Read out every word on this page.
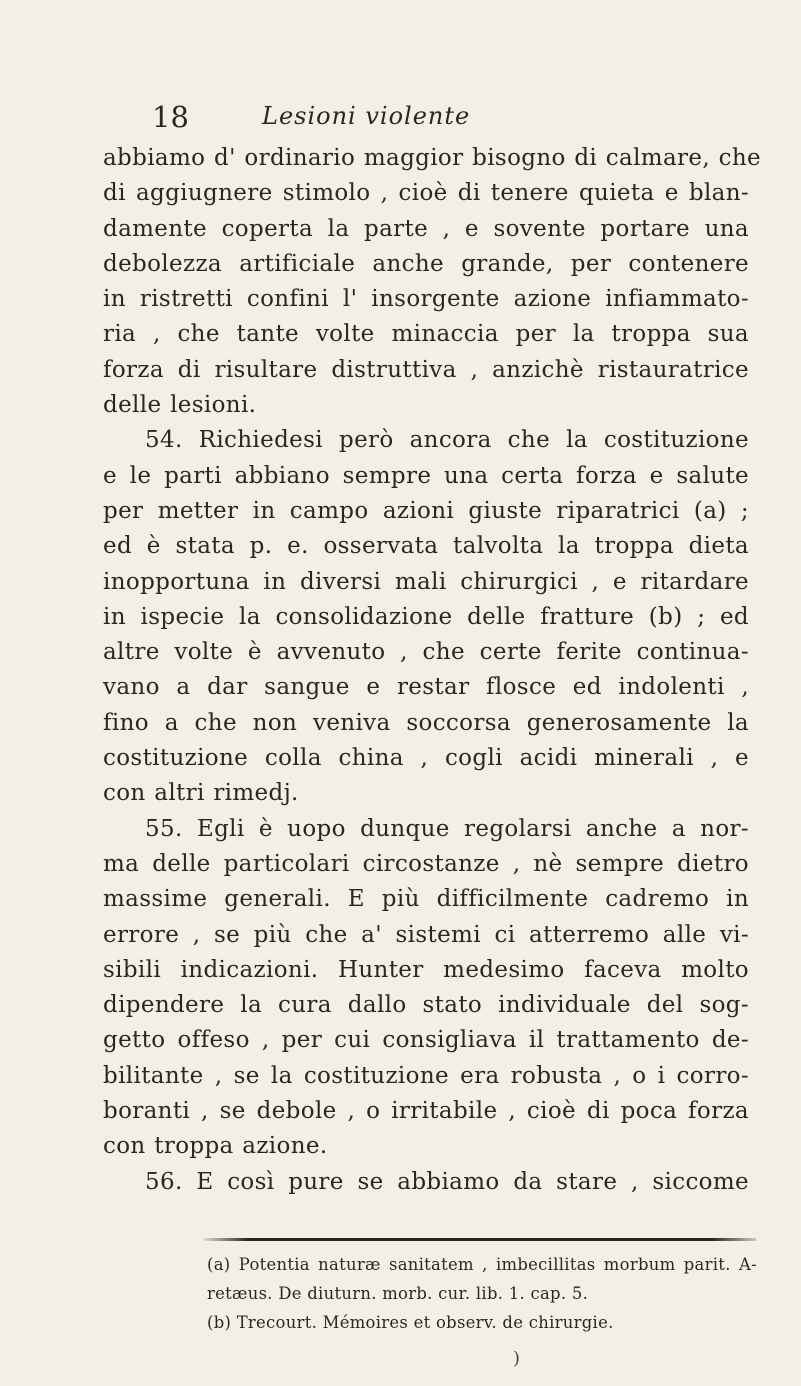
18	Lesioni violente
abbiamo d' ordinario maggior bisogno di calmare, che
di aggiugnere stimolo , cioè di tenere quieta e blan-
damente coperta la parte , e sovente portare una
debolezza artificiale anche grande, per contenere
in ristretti confini l' insorgente azione infiammato-
ria , che tante volte minaccia per la troppa sua
forza di risultare distruttiva , anzichè ristauratrice
delle lesioni.
54. Richiedesi però ancora che la costituzione
e le parti abbiano sempre una certa forza e salute
per metter in campo azioni giuste riparatrici (a) ;
ed è stata p. e. osservata talvolta la troppa dieta
inopportuna in diversi mali chirurgici , e ritardare
in ispecie la consolidazione delle fratture (b) ; ed
altre volte è avvenuto , che certe ferite continua-
vano a dar sangue e restar flosce ed indolenti ,
fino a che non veniva soccorsa generosamente la
costituzione colla china , cogli acidi minerali , e
con altri rimedj.
55. Egli è uopo dunque regolarsi anche a nor-
ma delle particolari circostanze , nè sempre dietro
massime generali. E più difficilmente cadremo in
errore , se più che a' sistemi ci atterremo alle vi-
sibili indicazioni. Hunter medesimo faceva molto
dipendere la cura dallo stato individuale del sog-
getto offeso , per cui consigliava il trattamento de-
bilitante , se la costituzione era robusta , o i corro-
boranti , se debole , o irritabile , cioè di poca forza
con troppa azione.
56. E così pure se abbiamo da stare , siccome
(a) Potentia naturæ sanitatem , imbecillitas morbum parit. A-
retæus. De diuturn. morb. cur. lib. 1. cap. 5.
(b) Trecourt. Mémoires et observ. de chirurgie.
)
